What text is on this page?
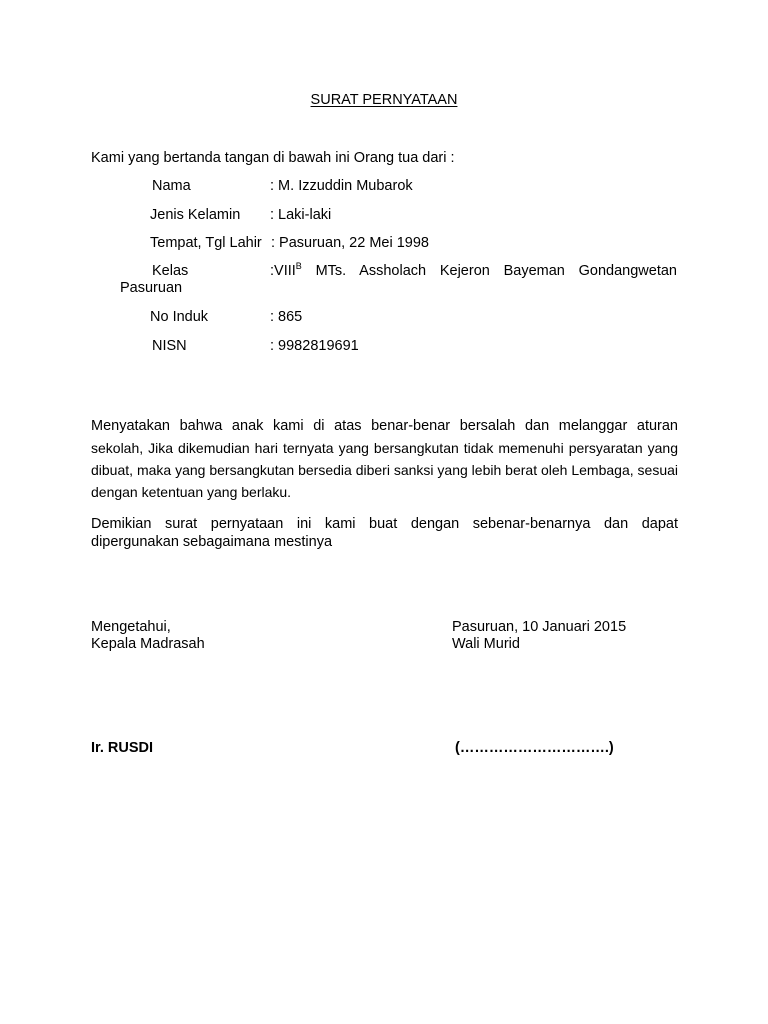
SURAT PERNYATAAN
Kami yang bertanda tangan di bawah ini Orang tua dari :
Nama	: M. Izzuddin Mubarok
Jenis Kelamin : Laki-laki
Tempat, Tgl Lahir : Pasuruan, 22 Mei 1998
Kelas	$:VIII^B$ MTs. Assholach Kejeron Bayeman Gondangwetan
Pasuruan
No Induk	: 865
NISN	: 9982819691
Menyatakan bahwa anak kami di atas benar-benar bersalah dan melanggar aturan
sekolah, Jika dikemudian hari ternyata yang bersangkutan tidak memenuhi persyaratan yang
dibuat, maka yang bersangkutan bersedia diberi sanksi yang lebih berat oleh Lembaga, sesuai
dengan ketentuan yang berlaku.
Demikian surat pernyataan ini kami buat dengan sebenar-benarnya dan dapat
dipergunakan sebagaimana mestinya
Mengetahui,
Kepala Madrasah
Pasuruan, 10 Januari 2015
Wali Murid
Ir. RUSDI	(………………………….)
